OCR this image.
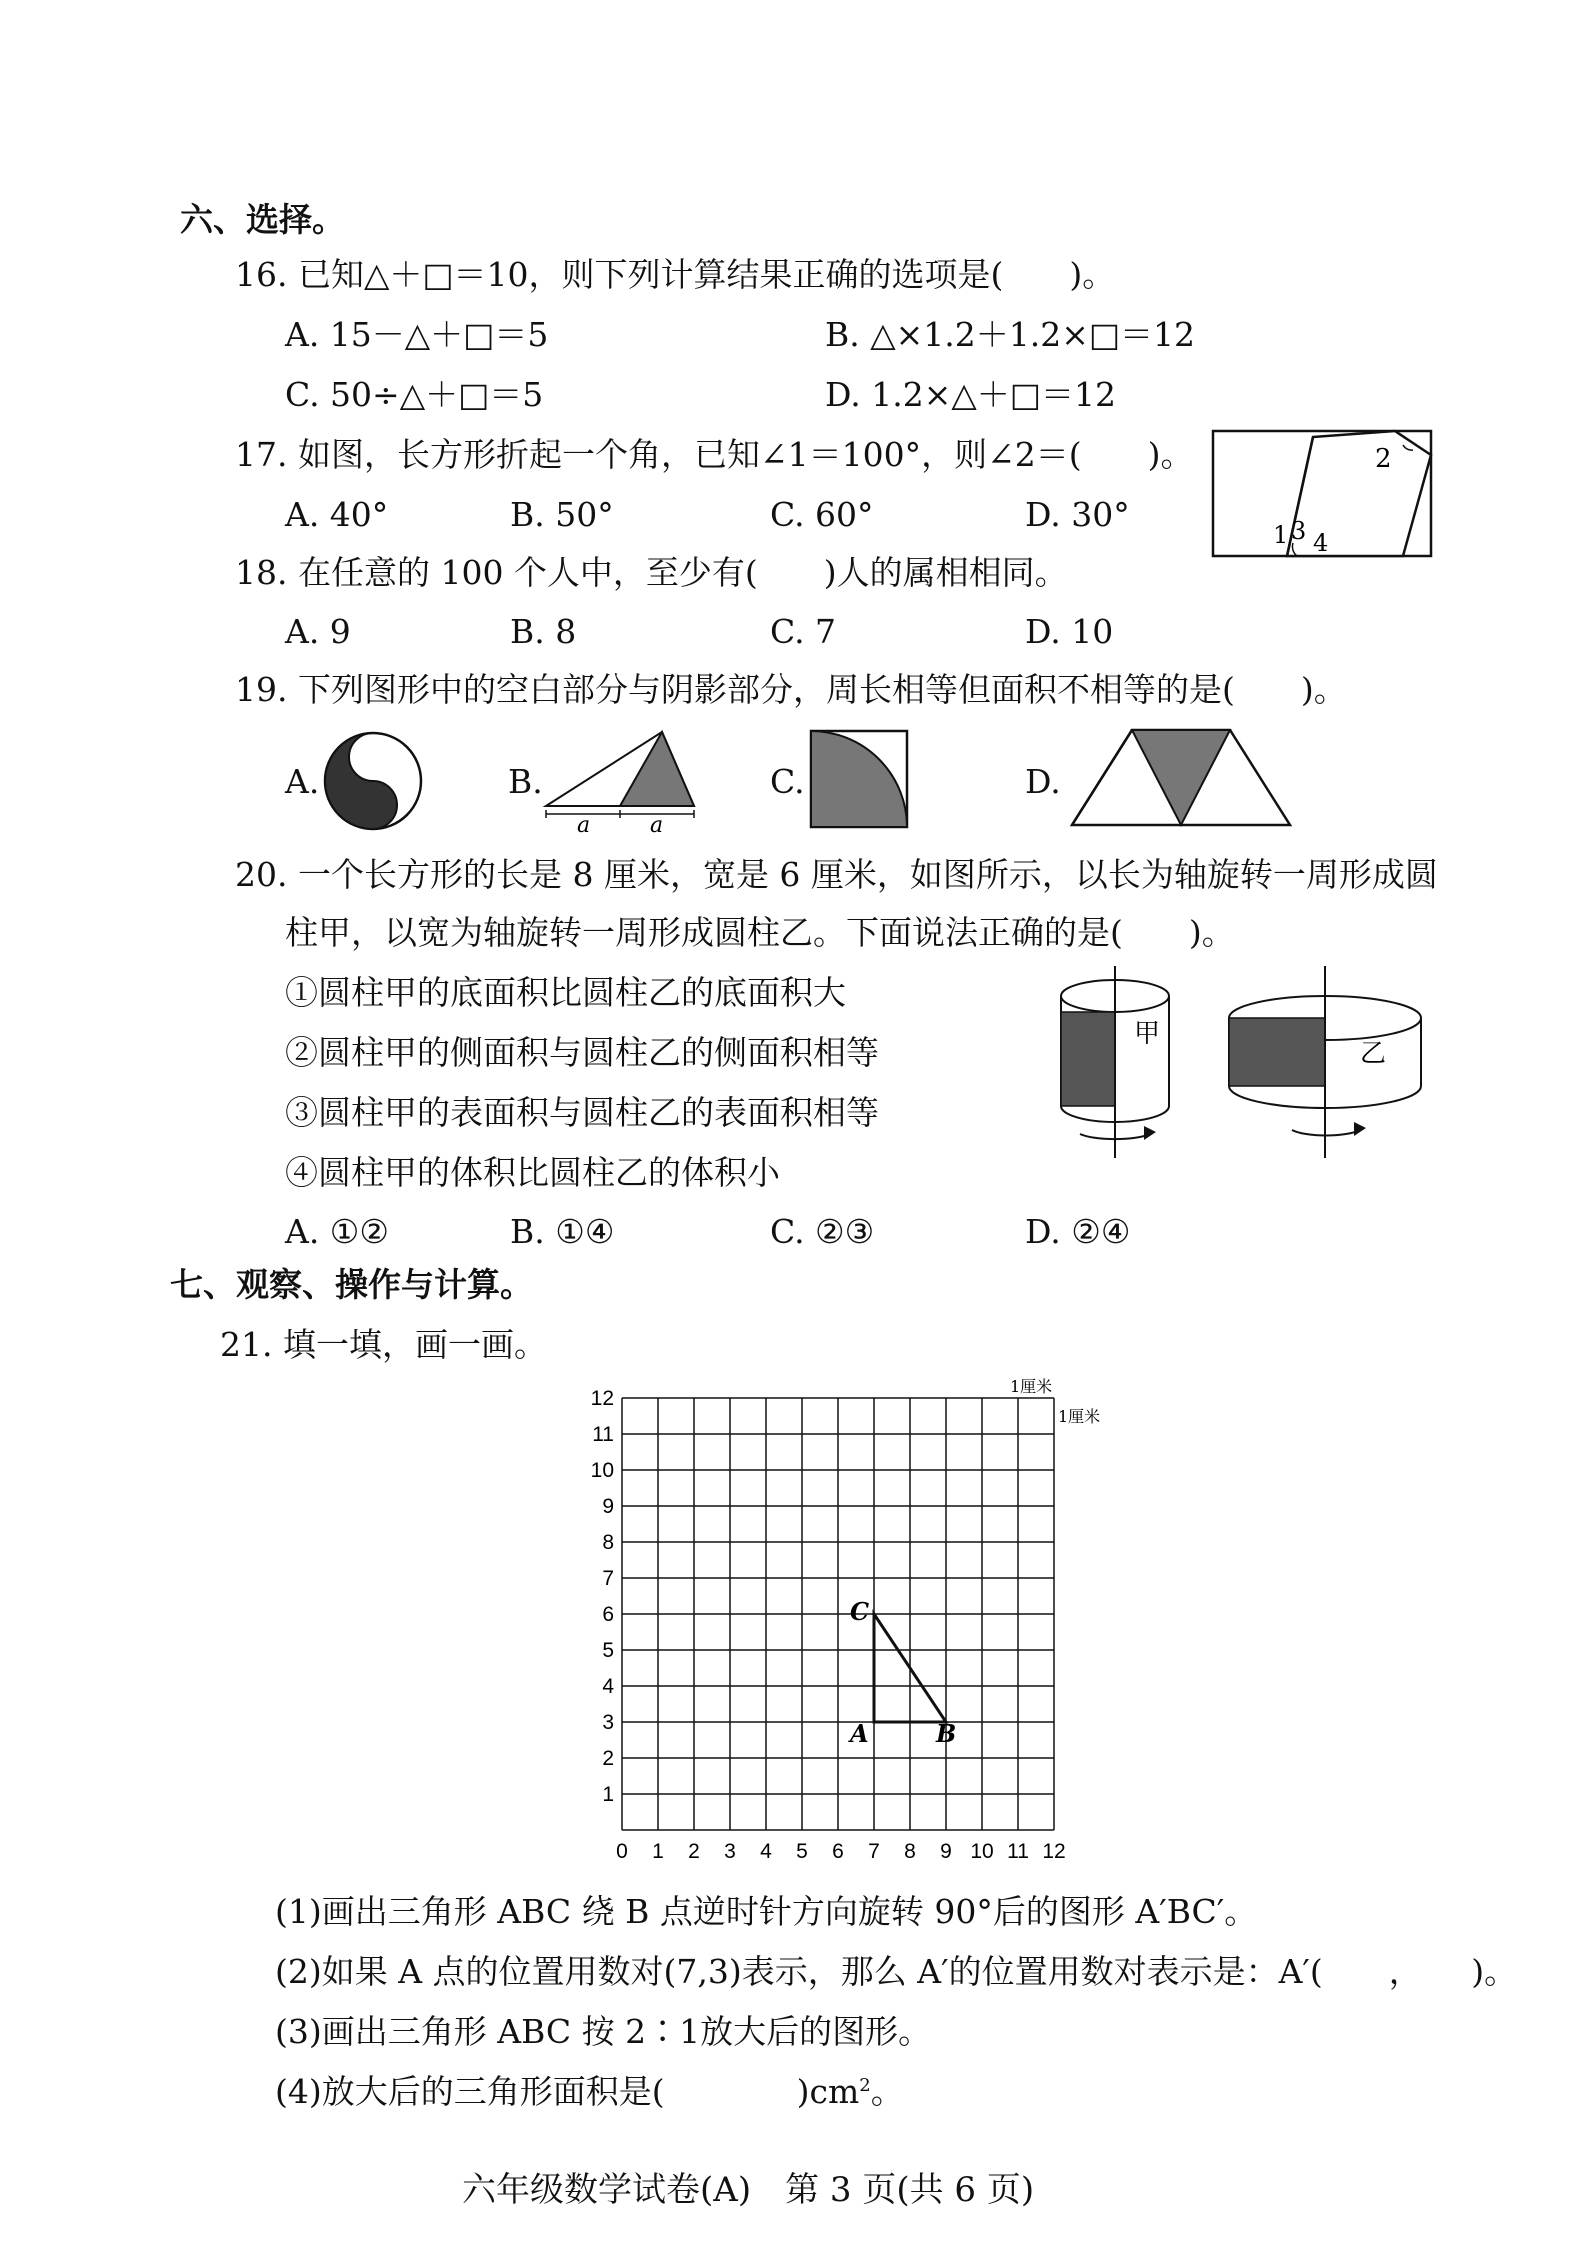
六、选择。
16. 已知△＋□＝10，则下列计算结果正确的选项是(　　)。
A. 15－△＋□＝5	B. △×1.2＋1.2×□＝12
C. 50÷△＋□＝5	D. 1.2×△＋□＝12
17. 如图，长方形折起一个角，已知∠1＝100°，则∠2＝(　　)。
A. 40°	B. 50°	C. 60°	D. 30°
2
1 3 4
18. 在任意的 100 个人中，至少有(　　)人的属相相同。
A. 9	B. 8	C. 7	D. 10
19. 下列图形中的空白部分与阴影部分，周长相等但面积不相等的是(　　)。
A.	B.
a	a
C.	D.
20. 一个长方形的长是 8 厘米，宽是 6 厘米，如图所示，以长为轴旋转一周形成圆
柱甲，以宽为轴旋转一周形成圆柱乙。下面说法正确的是(　　)。
①圆柱甲的底面积比圆柱乙的底面积大
②圆柱甲的侧面积与圆柱乙的侧面积相等
③圆柱甲的表面积与圆柱乙的表面积相等
④圆柱甲的体积比圆柱乙的体积小
A. ①②	B. ①④	C. ②③	D. ②④
甲
乙
七、观察、操作与计算。
21. 填一填，画一画。
0 1 2 3 4 5 6 7 8 9 10 11 12
1
2
3
4
5
6
7
8
9
10
11
12
1厘米
1厘米
A	B
C
(1)画出三角形 ABC 绕 B 点逆时针方向旋转 90°后的图形 A′BC′。
(2)如果 A 点的位置用数对(7,3)表示，那么 A′的位置用数对表示是：A′(　　，　　)。
(3)画出三角形 ABC 按 2∶1放大后的图形。
(4)放大后的三角形面积是(　　　　)$cm^2$。
六年级数学试卷(A)　第 3 页(共 6 页)
